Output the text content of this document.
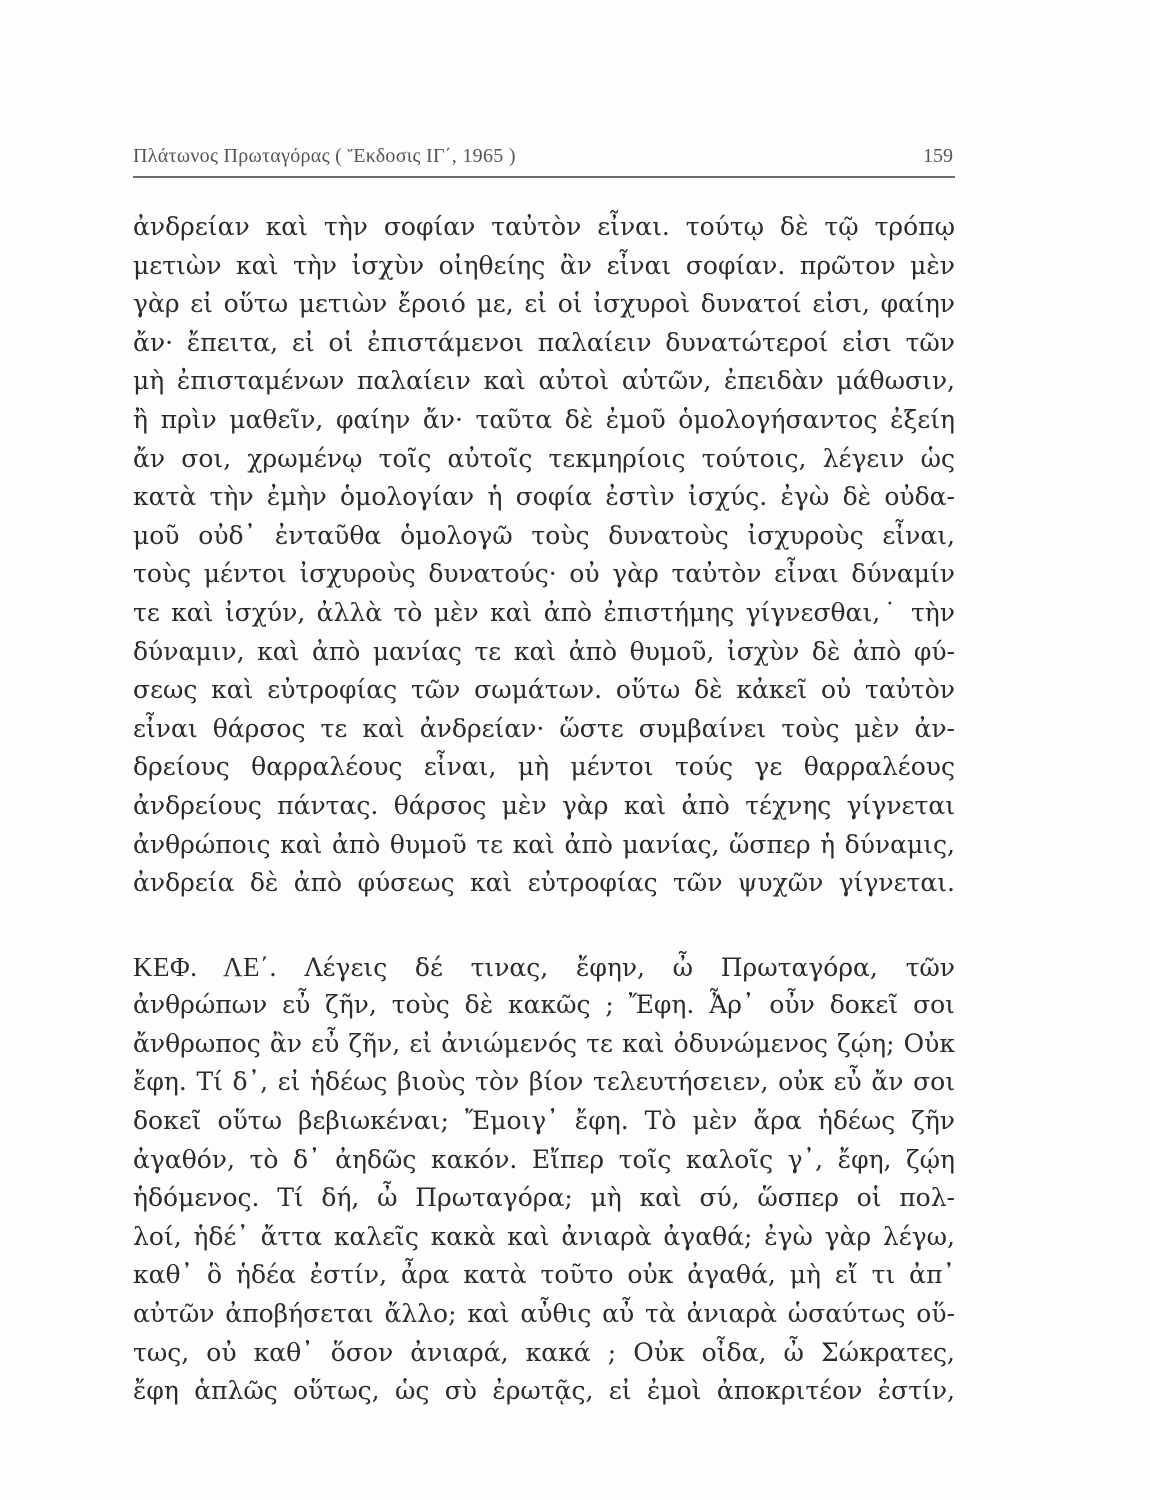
Πλάτωνος Πρωταγόρας ( Ἔκδοσις ΙΓ΄, 1965 )	159
ἀνδρείαν καὶ τὴν σοφίαν ταὐτὸν εἶναι. τούτῳ δὲ τῷ τρόπῳ
μετιὼν καὶ τὴν ἰσχὺν οἰηθείης ἂν εἶναι σοφίαν. πρῶτον μὲν
γὰρ εἰ οὕτω μετιὼν ἔροιό με, εἰ οἱ ἰσχυροὶ δυνατοί εἰσι, φαίην
ἄν· ἔπειτα, εἰ οἱ ἐπιστάμενοι παλαίειν δυνατώτεροί εἰσι τῶν
μὴ ἐπισταμένων παλαίειν καὶ αὐτοὶ αὑτῶν, ἐπειδὰν μάθωσιν,
ἢ πρὶν μαθεῖν, φαίην ἄν· ταῦτα δὲ ἐμοῦ ὁμολογήσαντος ἐξείη
ἄν σοι, χρωμένῳ τοῖς αὐτοῖς τεκμηρίοις τούτοις, λέγειν ὡς
κατὰ τὴν ἐμὴν ὁμολογίαν ἡ σοφία ἐστὶν ἰσχύς. ἐγὼ δὲ οὐδα-
μοῦ οὐδ᾽ ἐνταῦθα ὁμολογῶ τοὺς δυνατοὺς ἰσχυροὺς εἶναι,
τοὺς μέντοι ἰσχυροὺς δυνατούς· οὐ γὰρ ταὐτὸν εἶναι δύναμίν
τε καὶ ἰσχύν, ἀλλὰ τὸ μὲν καὶ ἀπὸ ἐπιστήμης γίγνεσθαι,˙ τὴν
δύναμιν, καὶ ἀπὸ μανίας τε καὶ ἀπὸ θυμοῦ, ἰσχὺν δὲ ἀπὸ φύ-
σεως καὶ εὐτροφίας τῶν σωμάτων. οὕτω δὲ κἀκεῖ οὐ ταὐτὸν
εἶναι θάρσος τε καὶ ἀνδρείαν· ὥστε συμβαίνει τοὺς μὲν ἀν-
δρείους θαρραλέους εἶναι, μὴ μέντοι τούς γε θαρραλέους
ἀνδρείους πάντας. θάρσος μὲν γὰρ καὶ ἀπὸ τέχνης γίγνεται
ἀνθρώποις καὶ ἀπὸ θυμοῦ τε καὶ ἀπὸ μανίας, ὥσπερ ἡ δύναμις,
ἀνδρεία δὲ ἀπὸ φύσεως καὶ εὐτροφίας τῶν ψυχῶν γίγνεται.
ΚΕΦ. ΛΕ΄. Λέγεις δέ τινας, ἔφην, ὦ Πρωταγόρα, τῶν
ἀνθρώπων εὖ ζῆν, τοὺς δὲ κακῶς ; Ἔφη. Ἆρ᾽ οὖν δοκεῖ σοι
ἄνθρωπος ἂν εὖ ζῆν, εἰ ἀνιώμενός τε καὶ ὀδυνώμενος ζῴη; Οὐκ
ἔφη. Τί δ᾽, εἰ ἡδέως βιοὺς τὸν βίον τελευτήσειεν, οὐκ εὖ ἄν σοι
δοκεῖ οὕτω βεβιωκέναι; Ἔμοιγ᾽ ἔφη. Τὸ μὲν ἄρα ἡδέως ζῆν
ἀγαθόν, τὸ δ᾽ ἀηδῶς κακόν. Εἴπερ τοῖς καλοῖς γ᾽, ἔφη, ζῴη
ἡδόμενος. Τί δή, ὦ Πρωταγόρα; μὴ καὶ σύ, ὥσπερ οἱ πολ-
λοί, ἡδέ᾽ ἄττα καλεῖς κακὰ καὶ ἀνιαρὰ ἀγαθά; ἐγὼ γὰρ λέγω,
καθ᾽ ὃ ἡδέα ἐστίν, ἆρα κατὰ τοῦτο οὐκ ἀγαθά, μὴ εἴ τι ἀπ᾽
αὐτῶν ἀποβήσεται ἄλλο; καὶ αὖθις αὖ τὰ ἀνιαρὰ ὡσαύτως οὕ-
τως, οὐ καθ᾽ ὅσον ἀνιαρά, κακά ; Οὐκ οἶδα, ὦ Σώκρατες,
ἔφη ἁπλῶς οὕτως, ὡς σὺ ἐρωτᾷς, εἰ ἐμοὶ ἀποκριτέον ἐστίν,
